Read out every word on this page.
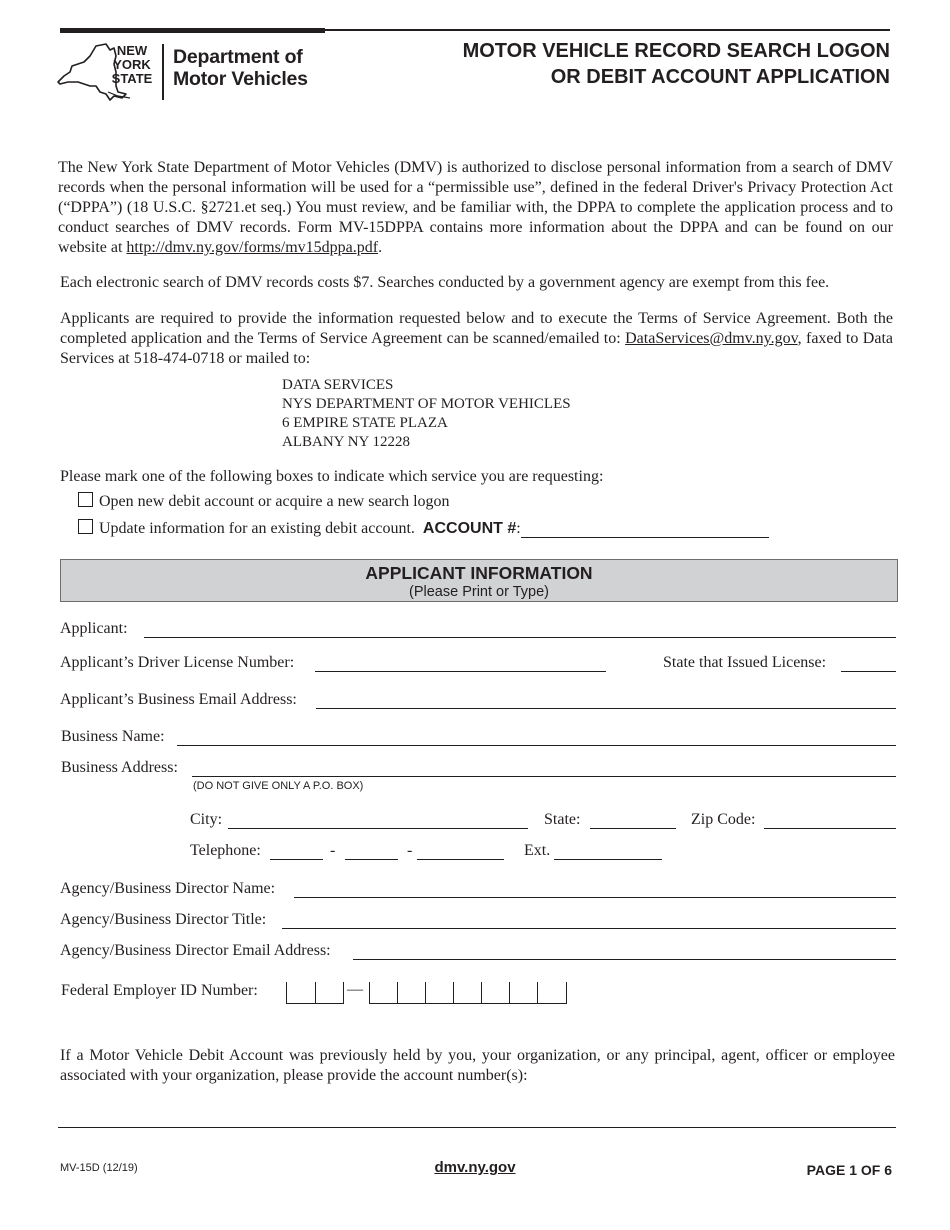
NEW YORK STATE
Department of
Motor Vehicles
MOTOR VEHICLE RECORD SEARCH LOGON
OR DEBIT ACCOUNT APPLICATION
The New York State Department of Motor Vehicles (DMV) is authorized to disclose personal information from a search of DMV records when the personal information will be used for a “permissible use”, defined in the federal Driver's Privacy Protection Act (“DPPA”) (18 U.S.C. §2721.et seq.) You must review, and be familiar with, the DPPA to complete the application process and to conduct searches of DMV records. Form MV-15DPPA contains more information about the DPPA and can be found on our website at http://dmv.ny.gov/forms/mv15dppa.pdf.
Each electronic search of DMV records costs $7. Searches conducted by a government agency are exempt from this fee.
Applicants are required to provide the information requested below and to execute the Terms of Service Agreement. Both the completed application and the Terms of Service Agreement can be scanned/emailed to: DataServices@dmv.ny.gov, faxed to Data Services at 518-474-0718 or mailed to:
DATA SERVICES
NYS DEPARTMENT OF MOTOR VEHICLES
6 EMPIRE STATE PLAZA
ALBANY NY 12228
Please mark one of the following boxes to indicate which service you are requesting:
Open new debit account or acquire a new search logon
Update information for an existing debit account. ACCOUNT #:
APPLICANT INFORMATION
(Please Print or Type)
Applicant:
Applicant’s Driver License Number:	State that Issued License:
Applicant’s Business Email Address:
Business Name:
Business Address:
(DO NOT GIVE ONLY A P.O. BOX)
City:	State:	Zip Code:
Telephone:	-	-	Ext.
Agency/Business Director Name:
Agency/Business Director Title:
Agency/Business Director Email Address:
Federal Employer ID Number:	—
If a Motor Vehicle Debit Account was previously held by you, your organization, or any principal, agent, officer or employee associated with your organization, please provide the account number(s):
MV-15D (12/19)	dmv.ny.gov	PAGE 1 OF 6
